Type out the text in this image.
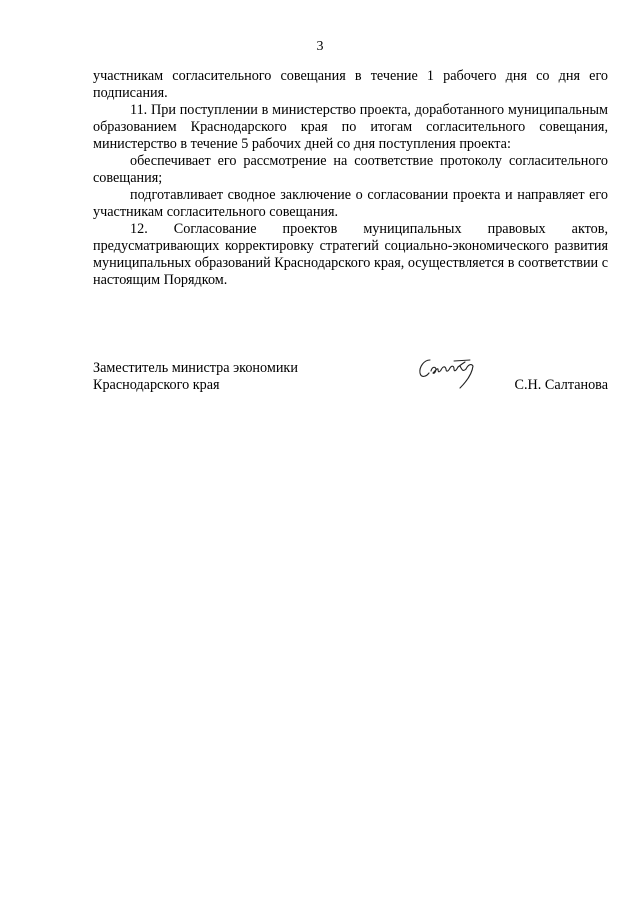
3

участникам согласительного совещания в течение 1 рабочего дня со дня его подписания.

11. При поступлении в министерство проекта, доработанного муниципальным образованием Краснодарского края по итогам согласительного совещания, министерство в течение 5 рабочих дней со дня поступления проекта:

обеспечивает его рассмотрение на соответствие протоколу согласительного совещания;

подготавливает сводное заключение о согласовании проекта и направляет его участникам согласительного совещания.

12. Согласование проектов муниципальных правовых актов, предусматривающих корректировку стратегий социально-экономического развития муниципальных образований Краснодарского края, осуществляется в соответствии с настоящим Порядком.

Заместитель министра экономики
Краснодарского края	С.Н. Салтанова
